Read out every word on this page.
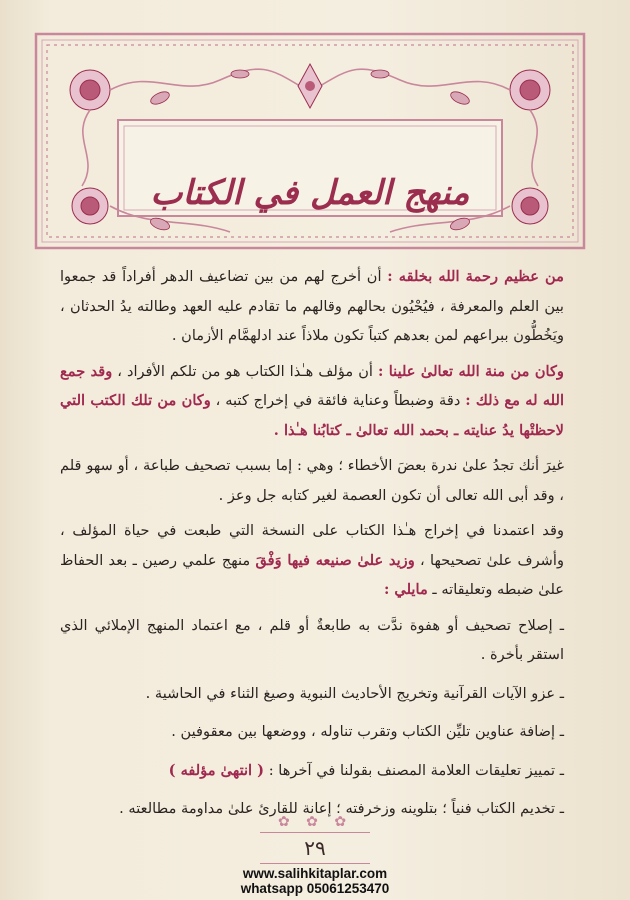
منهج العمل في الكتاب

من عظيم رحمة الله بخلقه : أن أخرج لهم من بين تضاعيف الدهر أفراداً قد جمعوا بين العلم والمعرفة ، فيُحْيُون بحالهم وقالهم ما تقادم عليه العهد وطالته يدُ الحدثان ، ويَخُطُّون ببراعهم لمن بعدهم كتباً تكون ملاذاً عند ادلهمَّام الأزمان .

وكان من منة الله تعالىٰ علينا : أن مؤلف هـٰذا الكتاب هو من تلكم الأفراد ، وقد جمع الله له مع ذلك : دقة وضبطاً وعناية فائقة في إخراج كتبه ، وكان من تلك الكتب التي لاحظتْها يدُ عنايته ـ بحمد الله تعالىٰ ـ كتابُنا هـٰذا .

غيرَ أنك تجدُ علىٰ ندرة بعضَ الأخطاء ؛ وهي : إما بسبب تصحيف طباعة ، أو سهو قلم ، وقد أبى الله تعالى أن تكون العصمة لغير كتابه جل وعز .

وقد اعتمدنا في إخراج هـٰذا الكتاب على النسخة التي طبعت في حياة المؤلف ، وأشرف علىٰ تصحيحها ، وزيد علىٰ صنيعه فيها وَفْقَ منهج علمي رصين ـ بعد الحفاظ علىٰ ضبطه وتعليقاته ـ مايلي :

ـ إصلاح تصحيف أو هفوة ندَّت به طابعةٌ أو قلم ، مع اعتماد المنهج الإملائي الذي استقر بأخرة .
ـ عزو الآيات القرآنية وتخريج الأحاديث النبوية وصيغ الثناء في الحاشية .
ـ إضافة عناوين تليِّن الكتاب وتقرب تناوله ، ووضعها بين معقوفين .
ـ تمييز تعليقات العلامة المصنف بقولنا في آخرها : ( انتهىٰ مؤلفه )
ـ تخديم الكتاب فنياً ؛ بتلوينه وزخرفته ؛ إعانة للقارئ علىٰ مداومة مطالعته .
✿ ✿ ✿
٢٩
www.salihkitaplar.com
whatsapp 05061253470
